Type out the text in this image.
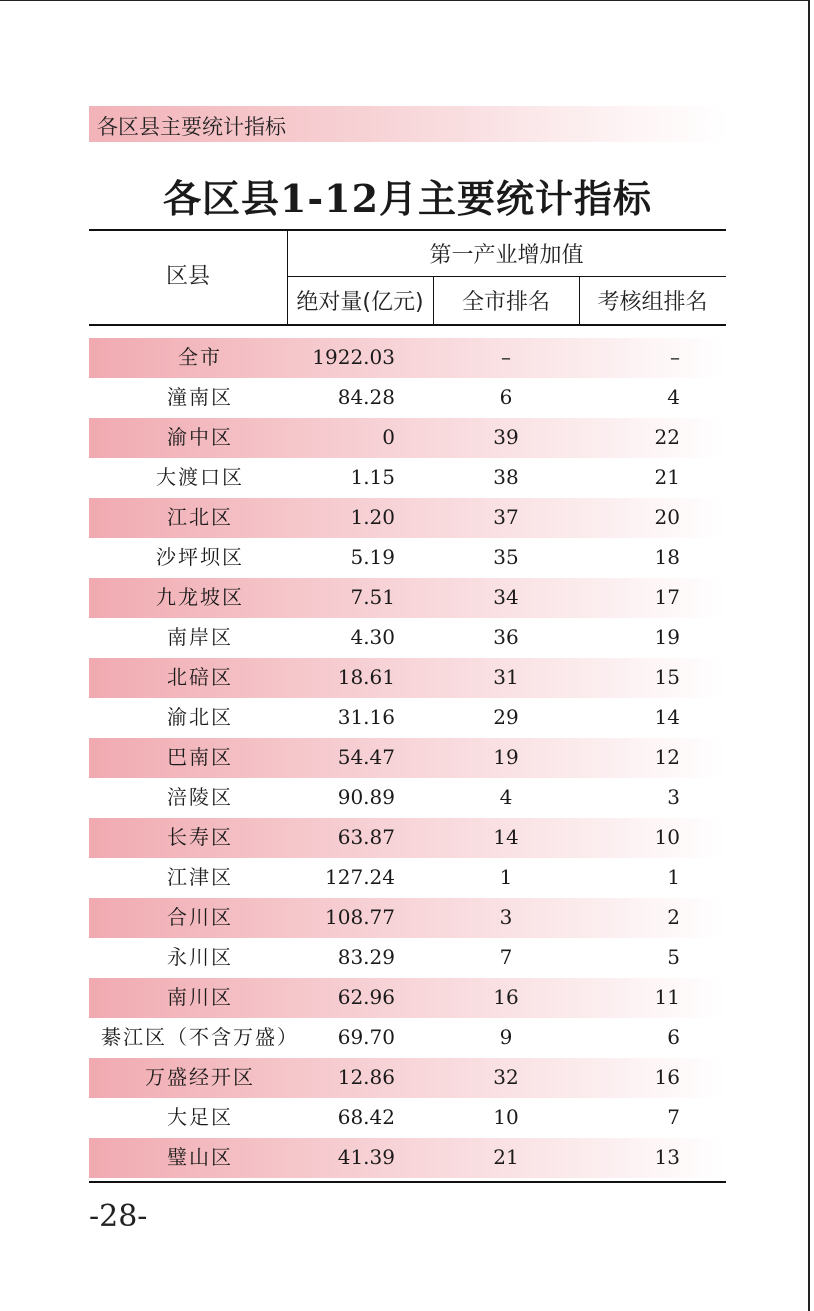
各区县主要统计指标
各区县1-12月主要统计指标
区县
第一产业增加值
绝对量(亿元)	全市排名	考核组排名
全市	1922.03	–	–
潼南区	84.28	6	4
渝中区	0	39	22
大渡口区	1.15	38	21
江北区	1.20	37	20
沙坪坝区	5.19	35	18
九龙坡区	7.51	34	17
南岸区	4.30	36	19
北碚区	18.61	31	15
渝北区	31.16	29	14
巴南区	54.47	19	12
涪陵区	90.89	4	3
长寿区	63.87	14	10
江津区	127.24	1	1
合川区	108.77	3	2
永川区	83.29	7	5
南川区	62.96	16	11
綦江区（不含万盛）	69.70	9	6
万盛经开区	12.86	32	16
大足区	68.42	10	7
璧山区	41.39	21	13
-28-
